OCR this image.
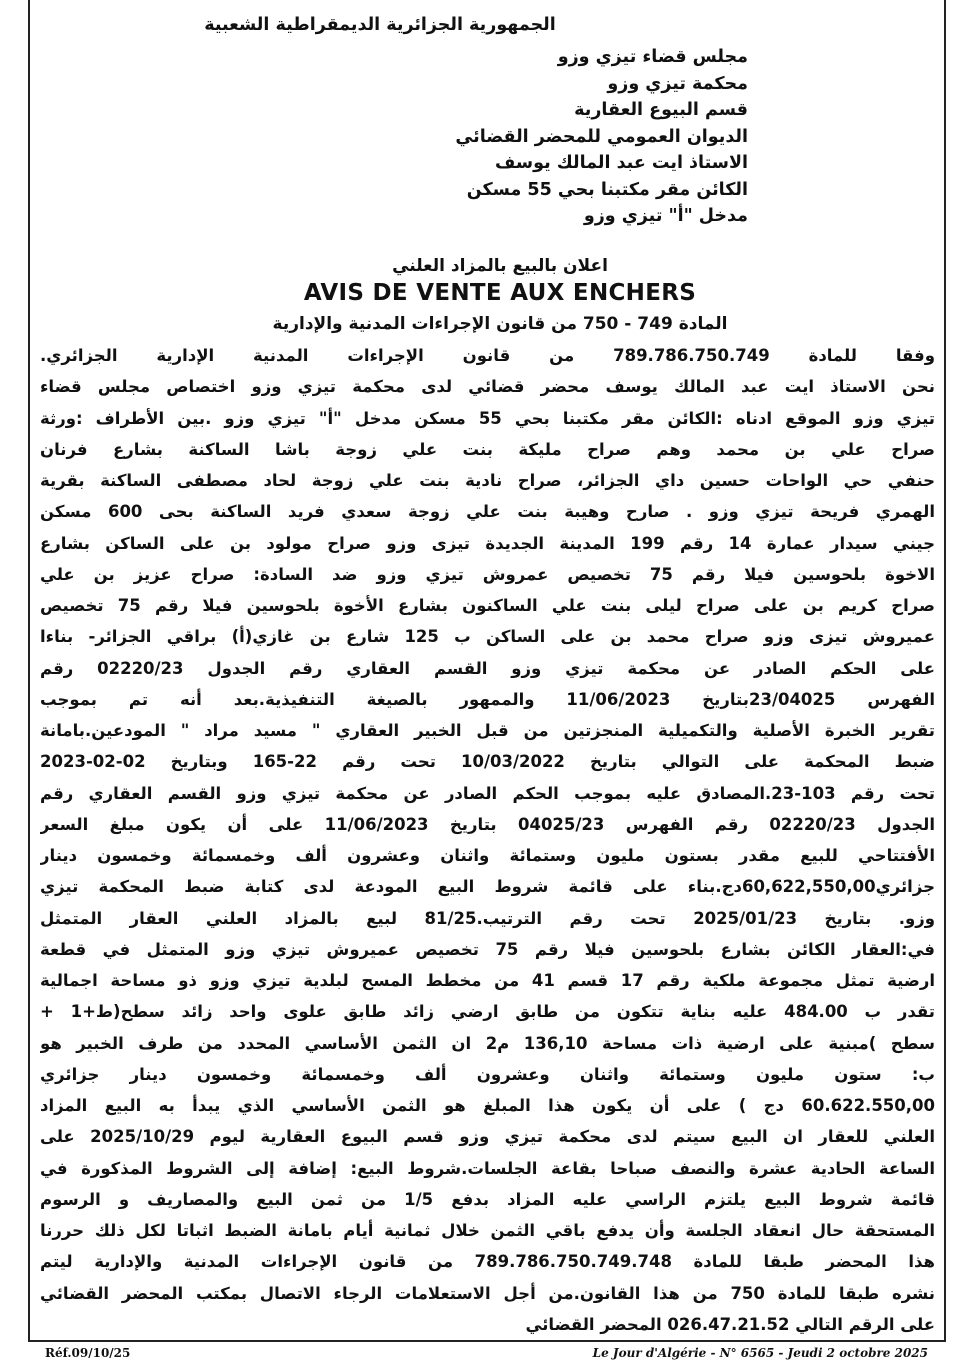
الجمهورية الجزائرية الديمقراطية الشعبية
مجلس قضاء تيزي وزو
محكمة تيزي وزو
قسم البيوع العقارية
الديوان العمومي للمحضر القضائي
الاستاذ ايت عبد المالك يوسف
الكائن مقر مكتبنا بحي 55 مسكن
مدخل "أ" تيزي وزو
اعلان بالبيع بالمزاد العلني
AVIS DE VENTE AUX ENCHERS
المادة 749 - 750 من قانون الإجراءات المدنية والإدارية
وفقا للمادة 789.786.750.749 من قانون الإجراءات المدنية الإدارية الجزائري.
نحن الاستاذ ايت عبد المالك يوسف محضر قضائي لدى محكمة تيزي وزو اختصاص مجلس قضاء
تيزي وزو الموقع ادناه :الكائن مقر مكتبنا بحي 55 مسكن مدخل "أ" تيزي وزو .بين الأطراف :ورثة
صراح علي بن محمد وهم صراح مليكة بنت علي زوجة باشا الساكنة بشارع فرنان
حنفي حي الواحات حسين داي الجزائر، صراح نادية بنت علي زوجة لحاد مصطفى الساكنة بقرية
الهمري فريحة تيزي وزو . صارح وهيبة بنت علي زوجة سعدي فريد الساكنة بحى 600 مسكن
جيني سيدار عمارة 14 رقم 199 المدينة الجديدة تيزى وزو صراح مولود بن على الساكن بشارع
الاخوة بلحوسين فيلا رقم 75 تخصيص عمروش تيزي وزو ضد السادة: صراح عزيز بن علي
صراح كريم بن على صراح ليلى بنت علي الساكنون بشارع الأخوة بلحوسين فيلا رقم 75 تخصيص
عميروش تيزى وزو صراح محمد بن على الساكن ب 125 شارع بن غازي(أ) براقي الجزائر- بناءا
على الحكم الصادر عن محكمة تيزي وزو القسم العقاري رقم الجدول 02220/23 رقم
الفهرس 23/04025بتاريخ 11/06/2023 والممهور بالصيغة التنفيذية.بعد أنه تم بموجب
تقرير الخبرة الأصلية والتكميلية المنجزتين من قبل الخبير العقاري " مسيد مراد " المودعين.بامانة
ضبط المحكمة على التوالي بتاريخ 10/03/2022 تحت رقم 22-165 وبتاريخ 02-02-2023
تحت رقم 103-23.المصادق عليه بموجب الحكم الصادر عن محكمة تيزي وزو القسم العقاري رقم
الجدول 02220/23 رقم الفهرس 04025/23 بتاريخ 11/06/2023 على أن يكون مبلغ السعر
الأفتتاحي للبيع مقدر بستون مليون وستمائة واثنان وعشرون ألف وخمسمائة وخمسون دينار
جزائري60,622,550,00دج.بناء على قائمة شروط البيع المودعة لدى كتابة ضبط المحكمة تيزي
وزو. بتاريخ 2025/01/23 تحت رقم الترتيب.81/25 لبيع بالمزاد العلني العقار المتمثل
في:العقار الكائن بشارع بلحوسين فيلا رقم 75 تخصيص عميروش تيزي وزو المتمثل في قطعة
ارضية تمثل مجموعة ملكية رقم 17 قسم 41 من مخطط المسح لبلدية تيزي وزو ذو مساحة اجمالية
تقدر ب 484.00 عليه بناية تتكون من طابق ارضي زائد طابق علوى واحد زائد سطح(ط+1 +
سطح )مبنية على ارضية ذات مساحة 136,10 م2 ان الثمن الأساسي المحدد من طرف الخبير هو
ب: ستون مليون وستمائة واثنان وعشرون ألف وخمسمائة وخمسون دينار جزائري
60.622.550,00 دج ) على أن يكون هذا المبلغ هو الثمن الأساسي الذي يبدأ به البيع المزاد
العلني للعقار ان البيع سيتم لدى محكمة تيزي وزو قسم البيوع العقارية ليوم 2025/10/29 على
الساعة الحادية عشرة والنصف صباحا بقاعة الجلسات.شروط البيع: إضافة إلى الشروط المذكورة في
قائمة شروط البيع يلتزم الراسي عليه المزاد بدفع 1/5 من ثمن البيع والمصاريف و الرسوم
المستحقة حال انعقاد الجلسة وأن يدفع باقي الثمن خلال ثمانية أيام بامانة الضبط اثباتا لكل ذلك حررنا
هذا المحضر طبقا للمادة 789.786.750.749.748 من قانون الإجراءات المدنية والإدارية ليتم
نشره طبقا للمادة 750 من هذا القانون.من أجل الاستعلامات الرجاء الاتصال بمكتب المحضر القضائي
على الرقم التالي 026.47.21.52 المحضر القضائي
Réf.09/10/25	Le Jour d'Algérie - N° 6565 - Jeudi 2 octobre 2025
